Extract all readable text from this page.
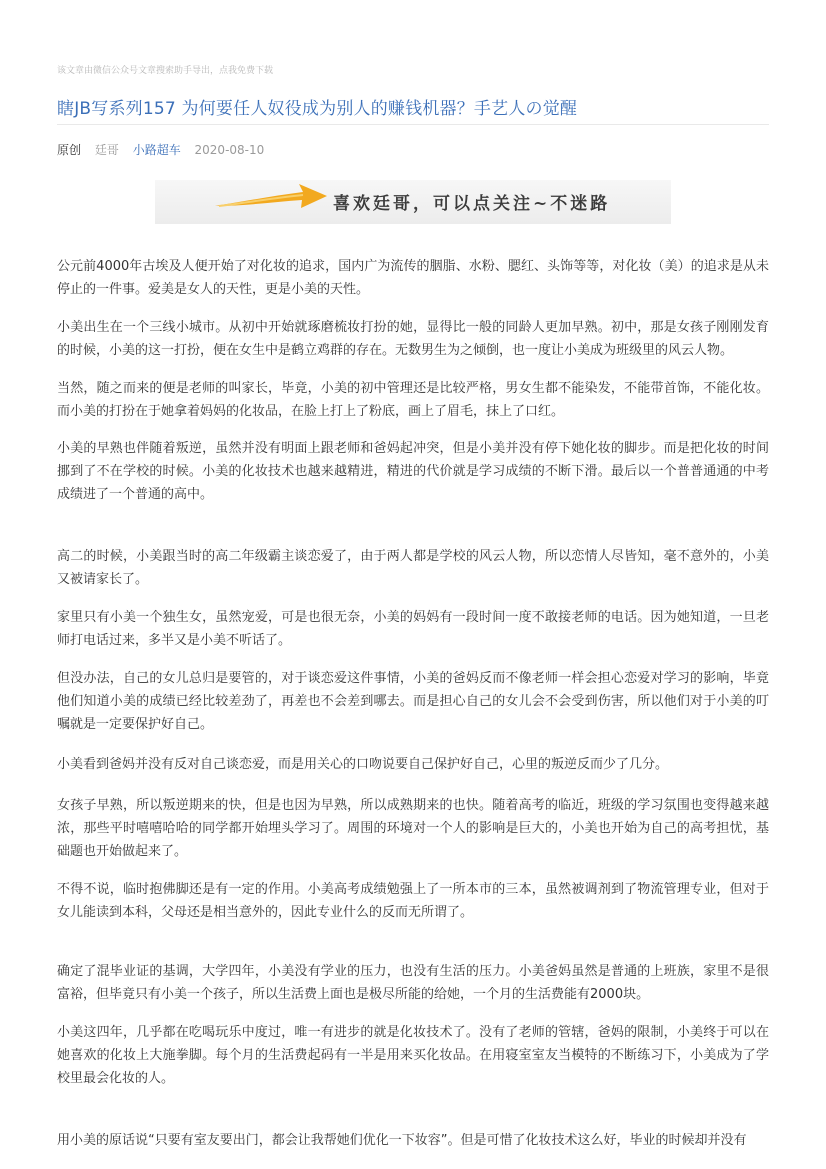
该文章由微信公众号文章搜索助手导出，点我免费下载
瞎JB写系列157 为何要任人奴役成为别人的赚钱机器？手艺人の觉醒
原创 廷哥 小路超车 2020-08-10
喜欢廷哥，可以点关注~不迷路

公元前4000年古埃及人便开始了对化妆的追求，国内广为流传的胭脂、水粉、腮红、头饰等等，对化妆（美）的追求是从未停止的一件事。爱美是女人的天性，更是小美的天性。

小美出生在一个三线小城市。从初中开始就琢磨梳妆打扮的她，显得比一般的同龄人更加早熟。初中，那是女孩子刚刚发育的时候，小美的这一打扮，便在女生中是鹤立鸡群的存在。无数男生为之倾倒，也一度让小美成为班级里的风云人物。

当然，随之而来的便是老师的叫家长，毕竟，小美的初中管理还是比较严格，男女生都不能染发，不能带首饰，不能化妆。而小美的打扮在于她拿着妈妈的化妆品，在脸上打上了粉底，画上了眉毛，抹上了口红。

小美的早熟也伴随着叛逆，虽然并没有明面上跟老师和爸妈起冲突，但是小美并没有停下她化妆的脚步。而是把化妆的时间挪到了不在学校的时候。小美的化妆技术也越来越精进，精进的代价就是学习成绩的不断下滑。最后以一个普普通通的中考成绩进了一个普通的高中。

高二的时候，小美跟当时的高二年级霸主谈恋爱了，由于两人都是学校的风云人物，所以恋情人尽皆知，毫不意外的，小美又被请家长了。

家里只有小美一个独生女，虽然宠爱，可是也很无奈，小美的妈妈有一段时间一度不敢接老师的电话。因为她知道，一旦老师打电话过来，多半又是小美不听话了。

但没办法，自己的女儿总归是要管的，对于谈恋爱这件事情，小美的爸妈反而不像老师一样会担心恋爱对学习的影响，毕竟他们知道小美的成绩已经比较差劲了，再差也不会差到哪去。而是担心自己的女儿会不会受到伤害，所以他们对于小美的叮嘱就是一定要保护好自己。

小美看到爸妈并没有反对自己谈恋爱，而是用关心的口吻说要自己保护好自己，心里的叛逆反而少了几分。

女孩子早熟，所以叛逆期来的快，但是也因为早熟，所以成熟期来的也快。随着高考的临近，班级的学习氛围也变得越来越浓，那些平时嘻嘻哈哈的同学都开始埋头学习了。周围的环境对一个人的影响是巨大的，小美也开始为自己的高考担忧，基础题也开始做起来了。

不得不说，临时抱佛脚还是有一定的作用。小美高考成绩勉强上了一所本市的三本，虽然被调剂到了物流管理专业，但对于女儿能读到本科，父母还是相当意外的，因此专业什么的反而无所谓了。

确定了混毕业证的基调，大学四年，小美没有学业的压力，也没有生活的压力。小美爸妈虽然是普通的上班族，家里不是很富裕，但毕竟只有小美一个孩子，所以生活费上面也是极尽所能的给她，一个月的生活费能有2000块。

小美这四年，几乎都在吃喝玩乐中度过，唯一有进步的就是化妆技术了。没有了老师的管辖，爸妈的限制，小美终于可以在她喜欢的化妆上大施拳脚。每个月的生活费起码有一半是用来买化妆品。在用寝室室友当模特的不断练习下，小美成为了学校里最会化妆的人。

用小美的原话说“只要有室友要出门，都会让我帮她们优化一下妆容”。但是可惜了化妆技术这么好，毕业的时候却并没有
